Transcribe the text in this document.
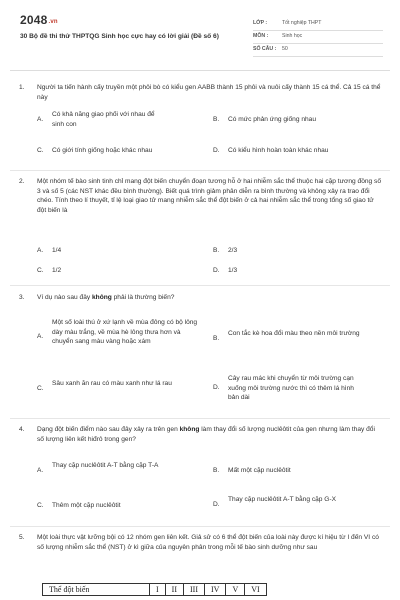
2048.vn
30 Bộ đề thi thử THPTQG Sinh học cực hay có lời giải (Đề số 6)
LỚP :	Tốt nghiệp THPT
MÔN :	Sinh học
SỐ CÂU : 50
1. Người ta tiến hành cấy truyền một phôi bò có kiểu gen AABB thành 15 phôi và nuôi cấy thành 15 cá thể. Cả 15 cá thể này
A.
Có khả năng giao phối với nhau để sinh con
B. Có mức phản ứng giống nhau
C. Có giới tính giống hoặc khác nhau	D. Có kiểu hình hoàn toàn khác nhau
2. Một nhóm tế bào sinh tinh chỉ mang đột biến chuyển đoạn tương hỗ ở hai nhiễm sắc thể thuộc hai cặp tương đồng số 3 và số 5 (các NST khác đều bình thường). Biết quá trình giảm phân diễn ra bình thường và không xảy ra trao đổi chéo. Tính theo lí thuyết, tỉ lệ loại giao tử mang nhiễm sắc thể đột biến ở cả hai nhiễm sắc thể trong tổng số giao tử đột biến là
A. 1/4	B. 2/3
C. 1/2	D. 1/3
3. Ví dụ nào sau đây không phải là thường biến?
A.
Một số loài thú ở xứ lạnh về mùa đông có bộ lông dày màu trắng, về mùa hè lông thưa hơn và chuyển sang màu vàng hoặc xám	B.
Con tắc kè hoa đổi màu theo nền môi trường
C.
Sâu xanh ăn rau có màu xanh như lá rau
D.
Cây rau mác khi chuyển từ môi trường cạn xuống môi trường nước thì có thêm lá hình bản dài
4. Dạng đột biến điểm nào sau đây xảy ra trên gen không làm thay đổi số lượng nuclêôtit của gen nhưng làm thay đổi số lượng liên kết hiđrô trong gen?
A.
Thay cặp nuclêôtit A-T bằng cặp T-A
B. Mất một cặp nuclêôtit
C. Thêm một cặp nuclêôtit	D.
Thay cặp nuclêôtit A-T bằng cặp G-X
5. Một loài thực vật lưỡng bội có 12 nhóm gen liên kết. Giả sử có 6 thể đột biến của loài này được kí hiệu từ I đến VI có số lượng nhiễm sắc thể (NST) ở kì giữa của nguyên phân trong mỗi tế bào sinh dưỡng như sau
Thể đột biến	I	II	III	IV	V	VI
